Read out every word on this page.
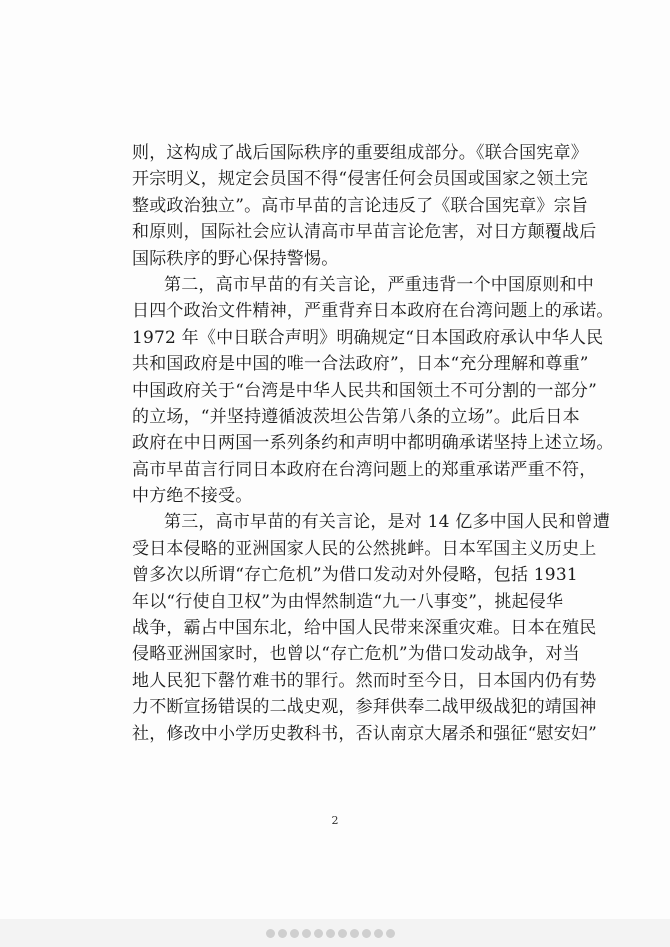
则，这构成了战后国际秩序的重要组成部分。《联合国宪章》
开宗明义，规定会员国不得“侵害任何会员国或国家之领土完
整或政治独立”。高市早苗的言论违反了《联合国宪章》宗旨
和原则，国际社会应认清高市早苗言论危害，对日方颠覆战后
国际秩序的野心保持警惕。
第二，高市早苗的有关言论，严重违背一个中国原则和中
日四个政治文件精神，严重背弃日本政府在台湾问题上的承诺。
1972 年《中日联合声明》明确规定“日本国政府承认中华人民
共和国政府是中国的唯一合法政府”，日本“充分理解和尊重”
中国政府关于“台湾是中华人民共和国领土不可分割的一部分”
的立场，“并坚持遵循波茨坦公告第八条的立场”。此后日本
政府在中日两国一系列条约和声明中都明确承诺坚持上述立场。
高市早苗言行同日本政府在台湾问题上的郑重承诺严重不符，
中方绝不接受。
第三，高市早苗的有关言论，是对 14 亿多中国人民和曾遭
受日本侵略的亚洲国家人民的公然挑衅。日本军国主义历史上
曾多次以所谓“存亡危机”为借口发动对外侵略，包括 1931
年以“行使自卫权”为由悍然制造“九一八事变”，挑起侵华
战争，霸占中国东北，给中国人民带来深重灾难。日本在殖民
侵略亚洲国家时，也曾以“存亡危机”为借口发动战争，对当
地人民犯下罄竹难书的罪行。然而时至今日，日本国内仍有势
力不断宣扬错误的二战史观，参拜供奉二战甲级战犯的靖国神
社，修改中小学历史教科书，否认南京大屠杀和强征“慰安妇”
2
